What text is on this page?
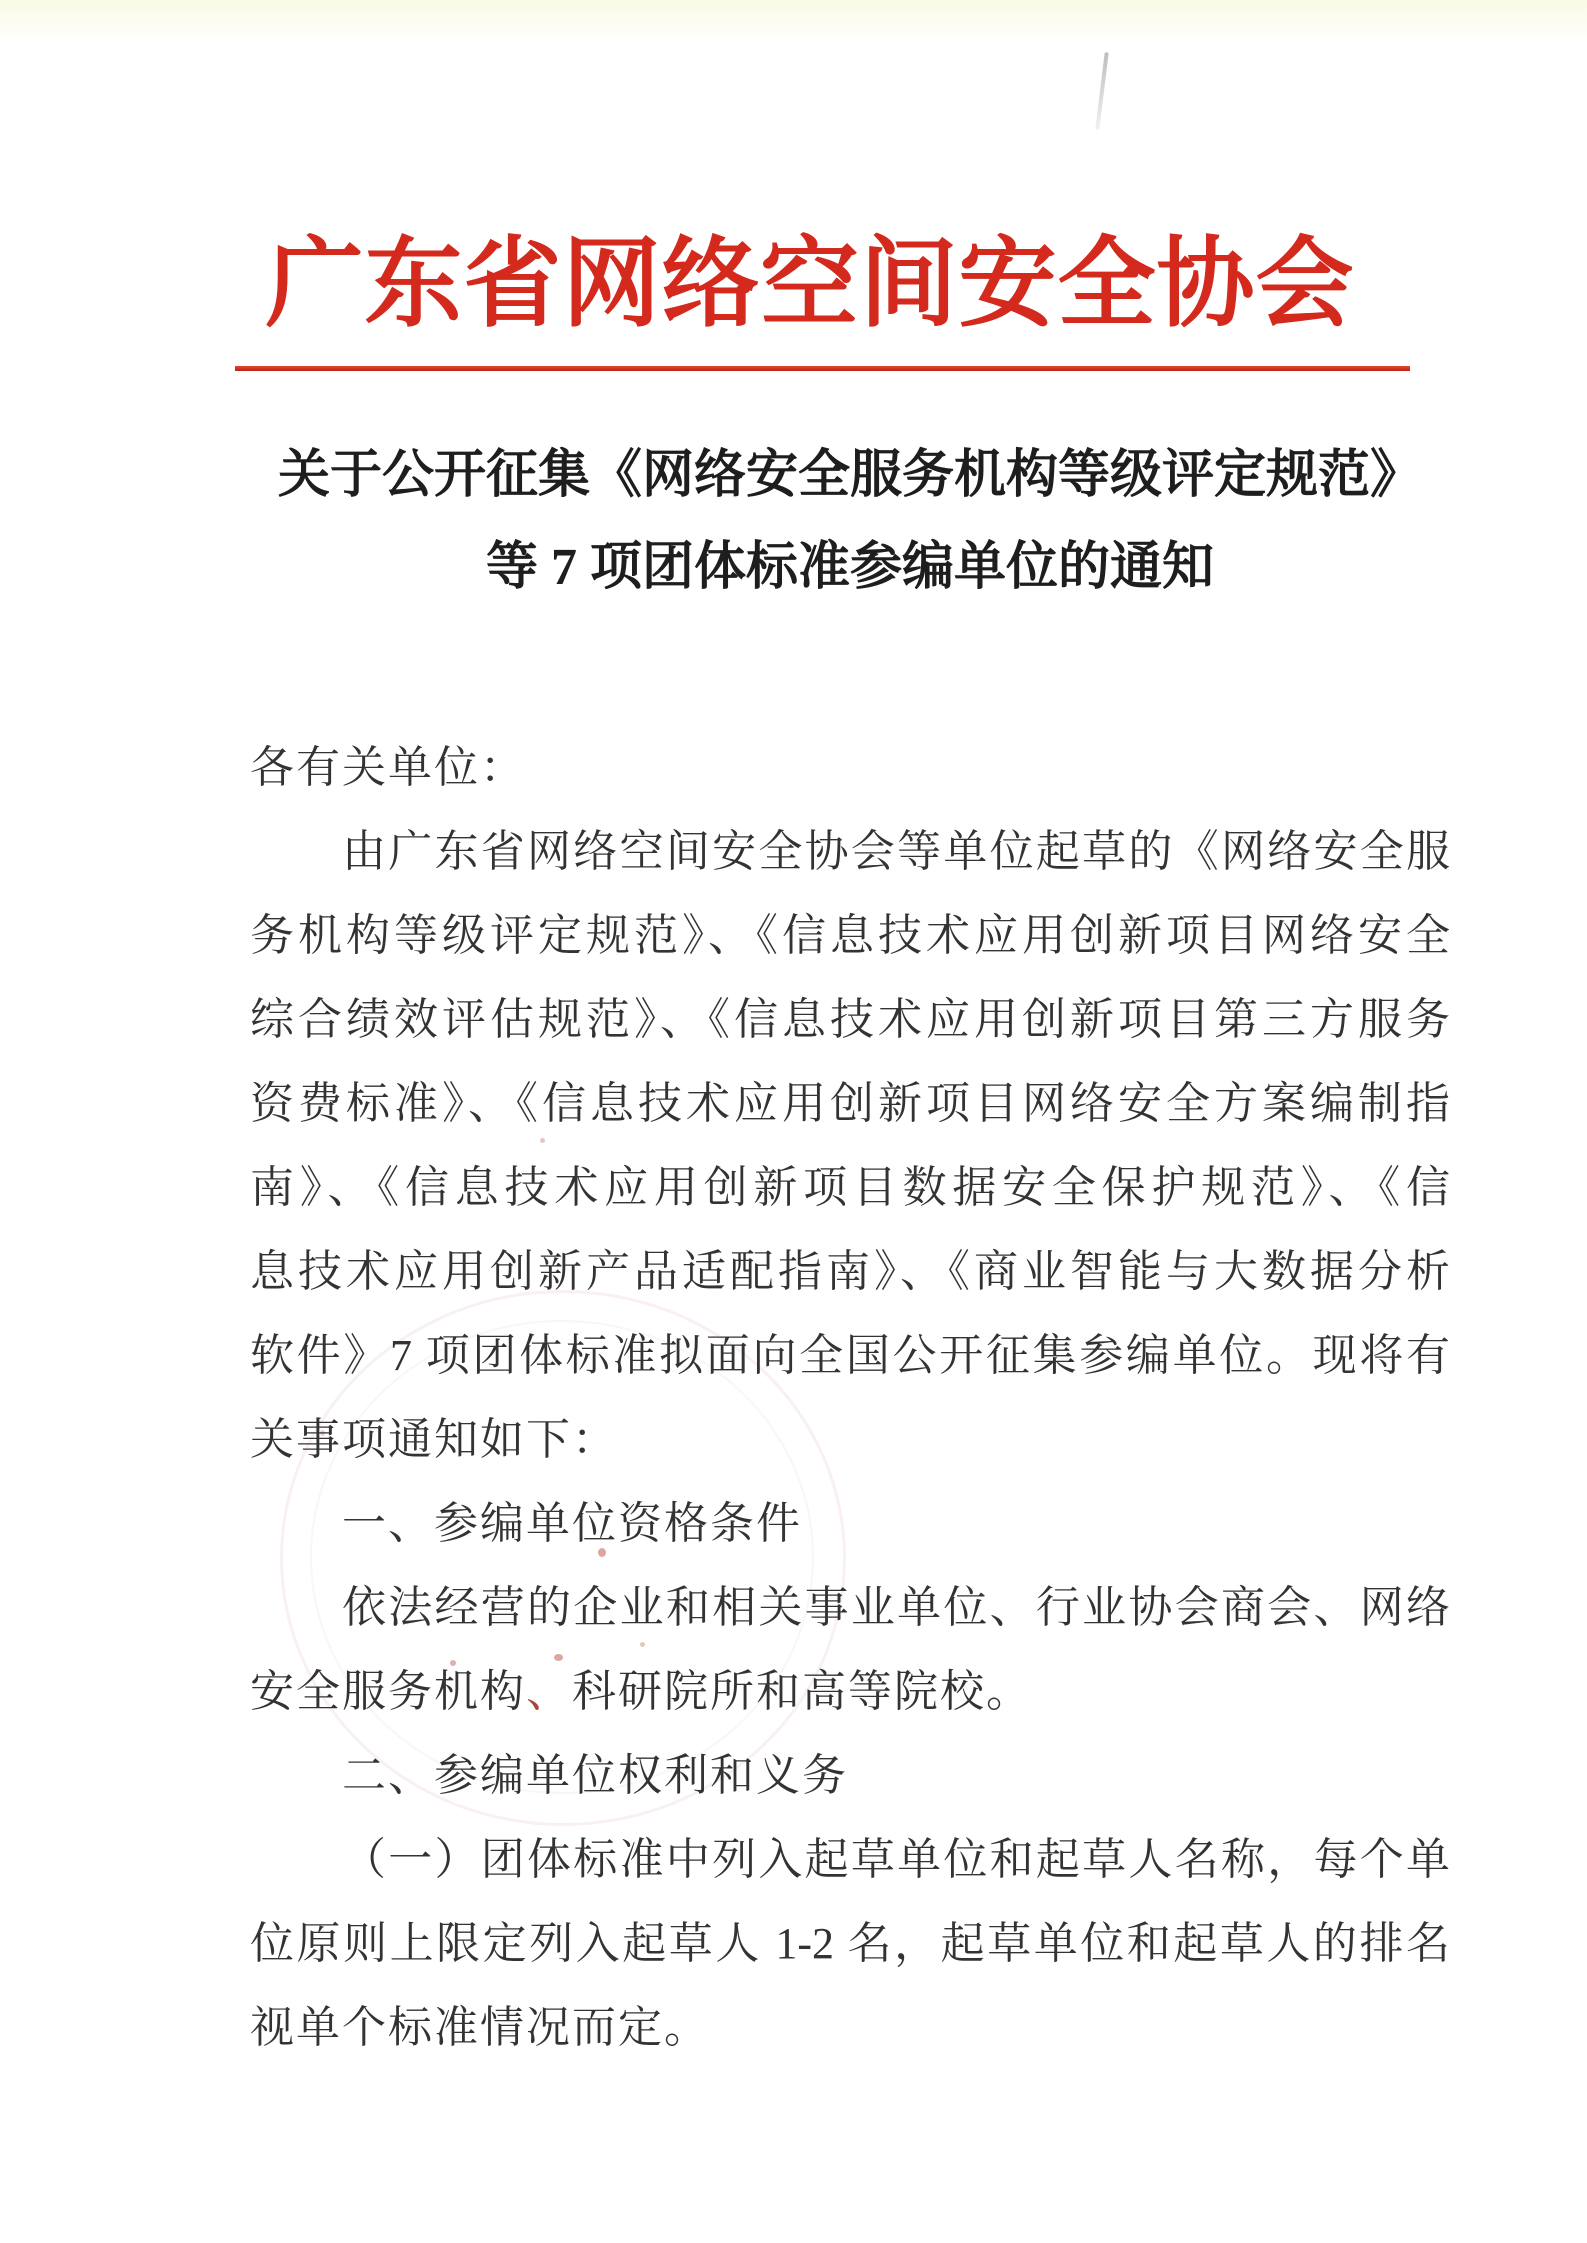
广东省网络空间安全协会
关于公开征集《网络安全服务机构等级评定规范》
等 7 项团体标准参编单位的通知
各有关单位：
由广东省网络空间安全协会等单位起草的《网络安全服
务机构等级评定规范》、《信息技术应用创新项目网络安全
综合绩效评估规范》、《信息技术应用创新项目第三方服务
资费标准》、《信息技术应用创新项目网络安全方案编制指
南》、《信息技术应用创新项目数据安全保护规范》、《信
息技术应用创新产品适配指南》、《商业智能与大数据分析
软件》7 项团体标准拟面向全国公开征集参编单位。现将有
关事项通知如下：
一、参编单位资格条件
依法经营的企业和相关事业单位、行业协会商会、网络
安全服务机构、科研院所和高等院校。
二、参编单位权利和义务
（一）团体标准中列入起草单位和起草人名称，每个单
位原则上限定列入起草人 1-2 名，起草单位和起草人的排名
视单个标准情况而定。
